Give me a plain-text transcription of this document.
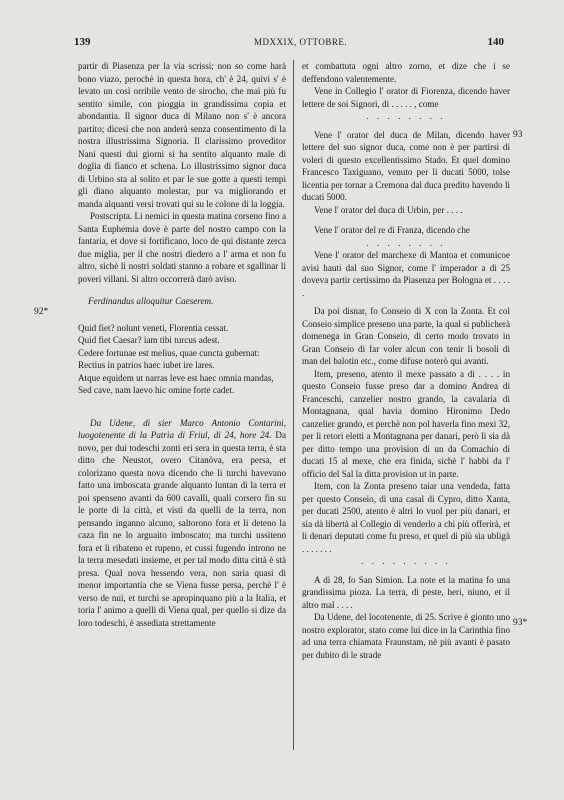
139	MDXXIX, OTTOBRE.	140
92*
93
93*

partir di Piasenza per la via scrissi; non so come harà bono viazo, perochè in questa hora, ch' è 24, quivi s' è levato un così orribile vento de sirocho, che mai più fu sentito simile, con pioggia in grandissima copia et abondantia. Il signor duca di Milano non s' è ancora partito; dicesi che non anderà senza consentimento di la nostra illustrissima Signoria. Il clarissimo proveditor Nani questi dui giorni si ha sentito alquanto male di doglia di fianco et schena. Lo illustrissimo signor duca di Urbino sta al solito et par le sue gotte a questi tempi gli diano alquanto molestar, pur va migliorando et manda alquanti versi trovati qui su le colone di la loggia.

Postscripta. Li nemici in questa matina corseno fino a Santa Euphemia dove è parte del nostro campo con la fantaria, et dove si fortificano, loco de qui distante zerca due miglia, per il che nostri diedero a l' arma et non fu altro, sichè li nostri soldati stanno a robare et sgallinar li poveri villani. Si altro occorrerà darò aviso.

Ferdinandus alloquitur Caeserem.

Quid fiet? nolunt veneti, Florentia cessat.
Quid fiet Caesar? iam tibi turcus adest.
Cedere fortunae est melius, quae cuncta gubernat:
Rectius in patrios haec iubet ire lares.
Atque equidem ut narras leve est haec omnia mandas,
Sed cave, nam laevo hic omine forte cadet.

Da Udene, di sier Marco Antonio Contarini, luogotenente di la Patria di Friul, di 24, hore 24. Da novo, per dui todeschi zonti eri sera in questa terra, è sta ditto che Neustot, overo Citanöva, era persa, et colorizano questa nova dicendo che li turchi havevano fatto una imboscata grande alquanto luntan di la terra et poi spenseno avanti da 600 cavalli, quali corsero fin su le porte di la città, et visti da quelli de la terra, non pensando inganno alcuno, saltorono fora et li deteno la caza fin ne lo arguaito imboscato; ma turchi ussiteno fora et li ribateno et rupeno, et cussi fugendo introno ne la terra mesedati insieme, et per tal modo ditta città è stà presa. Qual nova hessendo vera, non saria quasi di menor importantia che se Viena fusse persa, perchè l' è verso de nui, et turchi se apropinquano più a la Italia, et toria l' animo a quelli di Viena qual, per quello si dize da loro todeschi, è assediata strettamente

et combattuta ogni altro zorno, et dize che i se deffendono valentemente.

Vene in Collegio l' orator di Fiorenza, dicendo haver lettere de soi Signori, di . . . . . , come

. . . . . . . .

Vene l' orator del duca de Milan, dicendo haver lettere del suo signor duca, come non è per partirsi di voleri di questo excellentissimo Stado. Et quel domino Francesco Taxiguano, venuto per li ducati 5000, tolse licentia per tornar a Cremona dal duca predito havendo li ducati 5000.

Vene l' orator del duca di Urbin, per . . . .

Vene l' orator del re di Franza, dicendo che

. . . . . . . .

Vene l' orator del marchexe di Mantoa et comunicoe avisi hauti dal suo Signor, come l' imperador a di 25 doveva partir certissimo da Piasenza per Bologna et . . . . .

Da poi disnar, fo Conseio di X con la Zonta. Et col Conseio simplice preseno una parte, la qual si publicherà domenega in Gran Conseio, di certo modo trovato in Gran Conseio di far voler alcun con tenir li bosoli di man del balotin etc., come difuse noterò qui avanti.

Item, preseno, atento il mexe passato a di . . . . in questo Conseio fusse preso dar a domino Andrea di Franceschi, canzelier nostro grando, la cavalaria di Montagnana, qual havia domino Hironimo Dedo canzelier grando, et perchè non pol haverla fino mexi 32, per li retori eletti a Montagnana per danari, però li sia dà per ditto tempo una provision di un da Comachio di ducati 15 al mexe, che era finida, sichè l' habbi da l' officio del Sal la ditta provision ut in parte.

Item, con la Zonta preseno taiar una vendeda, fatta per questo Conseio, di una casal di Cypro, ditto Xanta, per ducati 2500, atento è altri lo vuol per più danari, et sia dà libertà al Collegio di venderlo a chi più offerirà, et li denari deputati come fu preso, et quel di più sia ubligà . . . . . . .

. . . . . . . . .

A dì 28, fo San Simion. La note et la matina fo una grandissima pioza. La terra, di peste, heri, niuno, et il altro mal . . . .

Da Udene, del locotenente, di 25. Scrive è gionto uno nostro explorator, stato come lui dice in la Carinthia fino ad una terra chiamata Fraunstam, nè più avanti è pasato per dubito di le strade
